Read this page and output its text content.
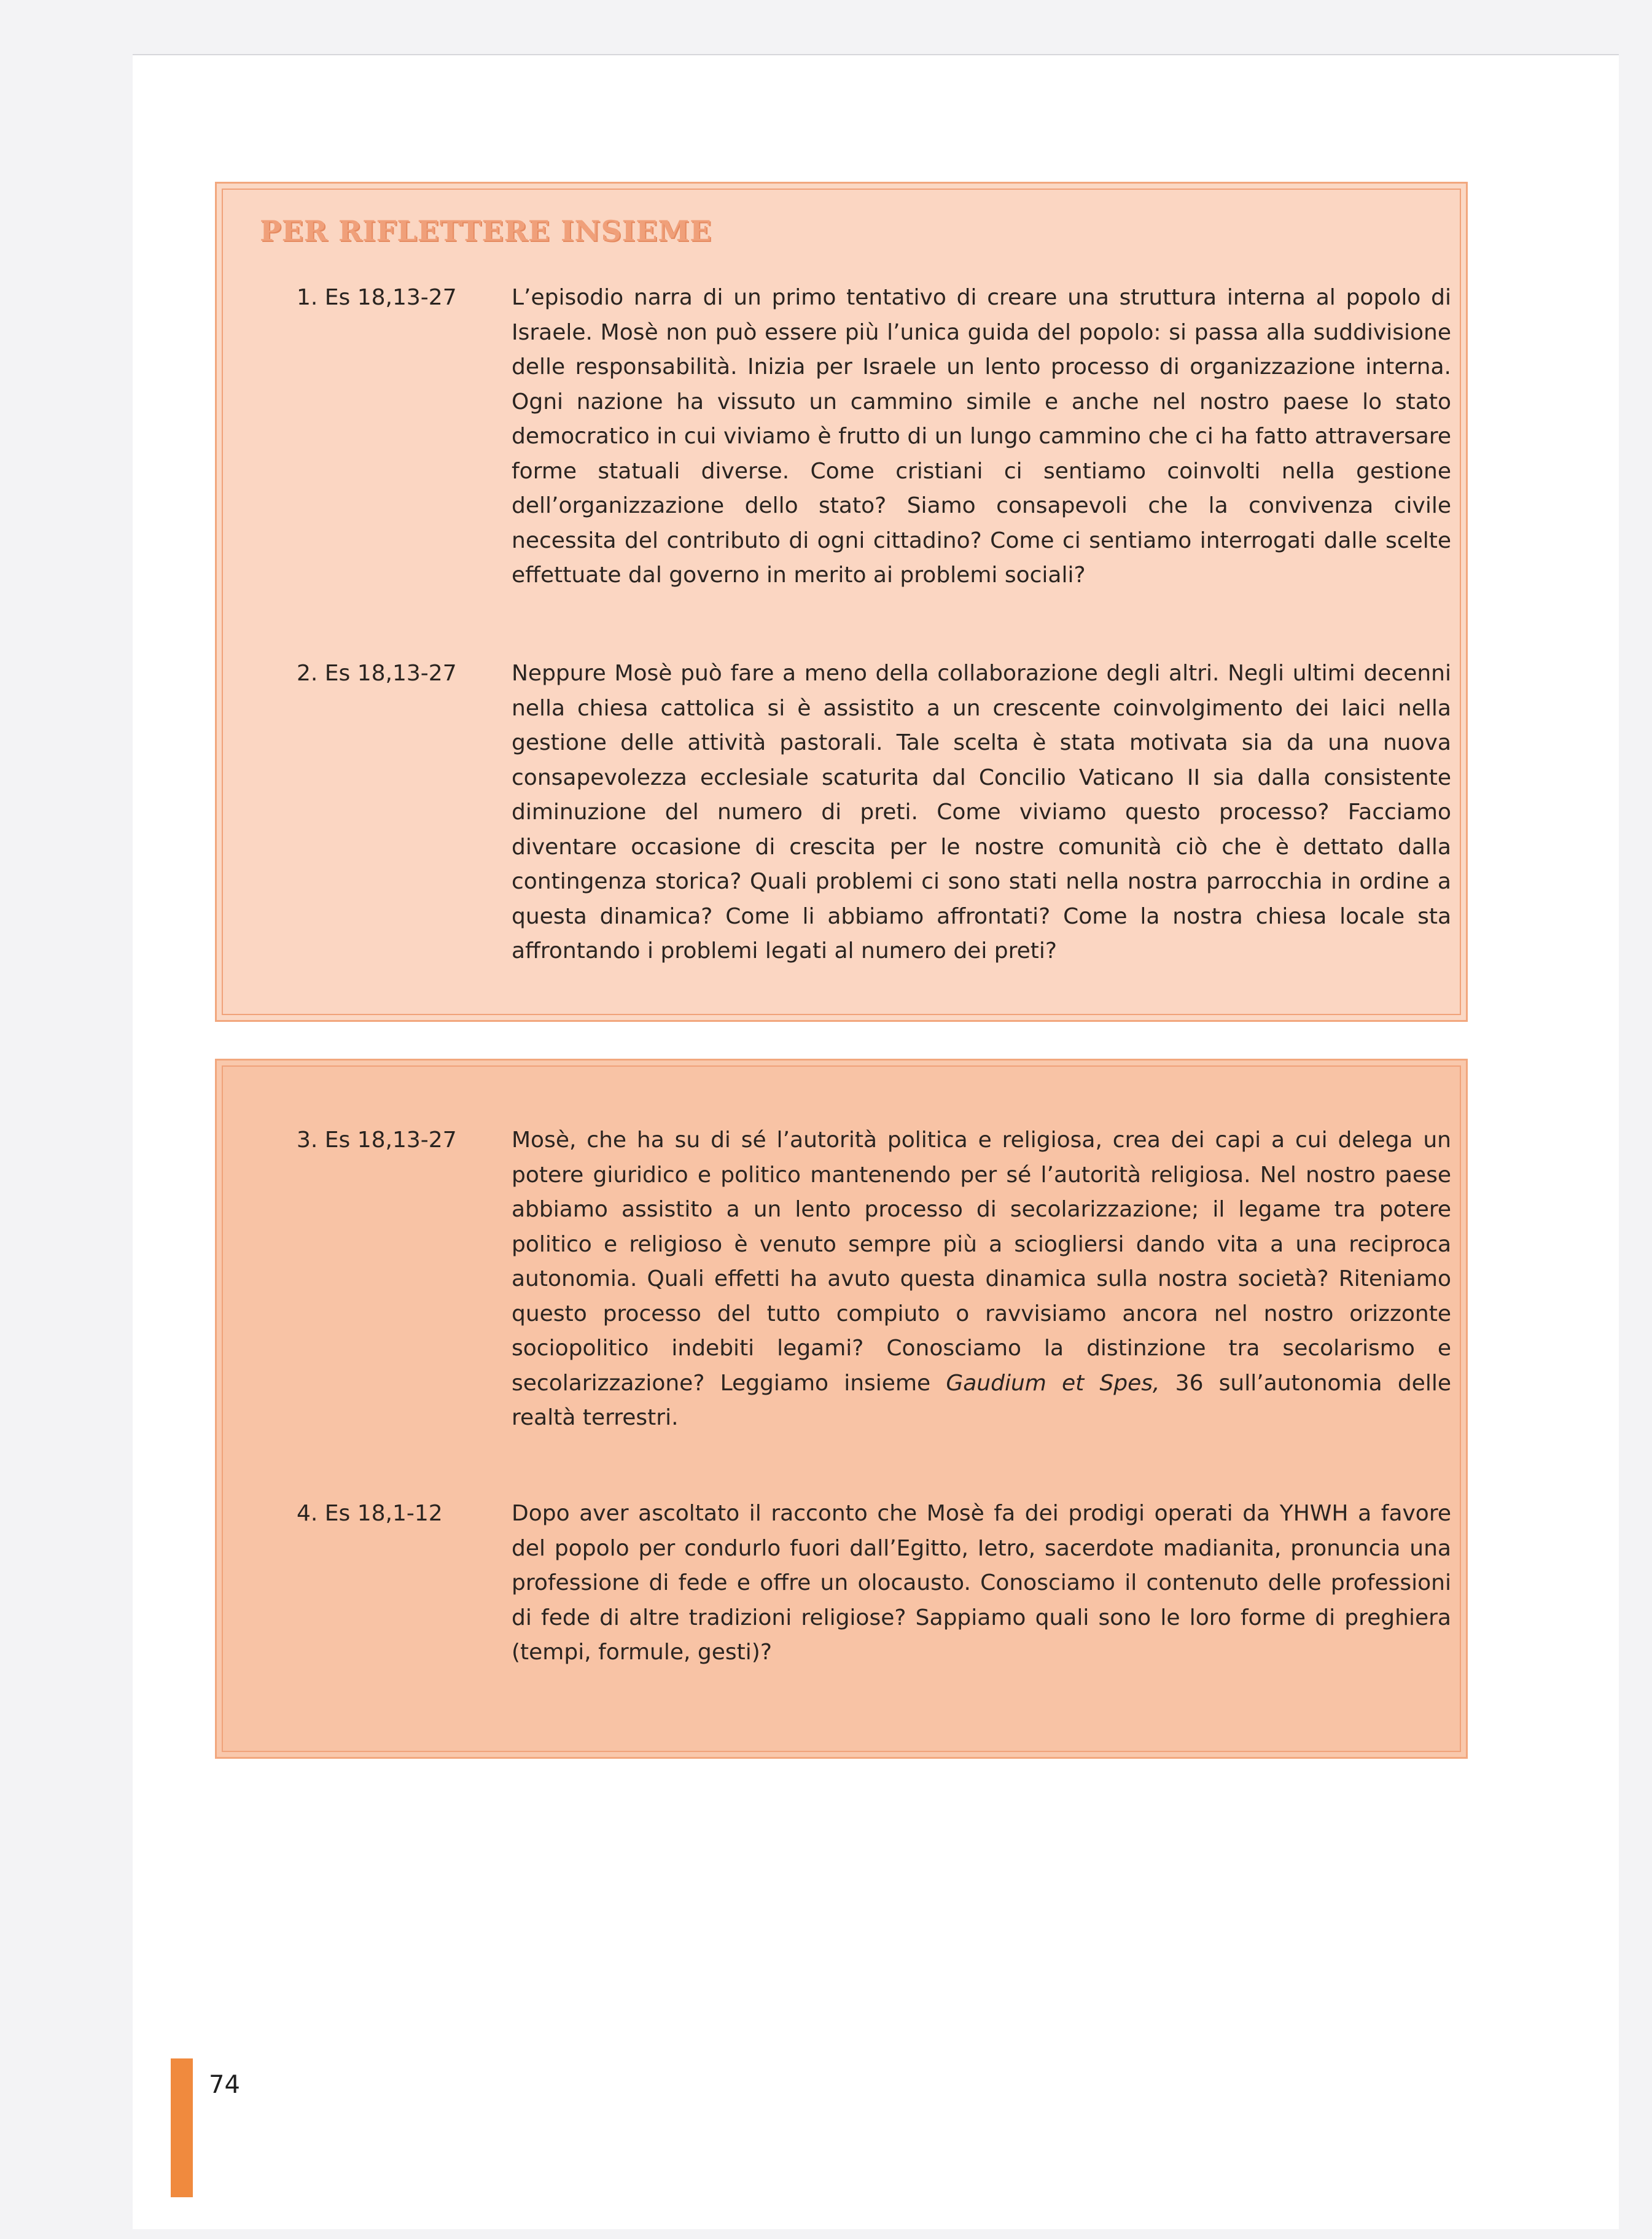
PER RIFLETTERE INSIEME
1. Es 18,13-27	L’episodio narra di un primo tentativo di creare una struttura interna al popolo di Israele. Mosè non può essere più l’unica guida del popolo: si passa alla suddivisione delle responsabilità. Inizia per Israele un lento processo di organizzazione interna. Ogni nazione ha vissuto un cammino simile e anche nel nostro paese lo stato democratico in cui viviamo è frutto di un lungo cammino che ci ha fatto attraversare forme statuali diverse. Come cristiani ci sentiamo coinvolti nella gestione dell’organizzazione dello stato? Siamo consapevoli che la convivenza civile necessita del contributo di ogni cittadino? Come ci sentiamo interrogati dalle scelte effettuate dal governo in merito ai problemi sociali?
2. Es 18,13-27	Neppure Mosè può fare a meno della collaborazione degli altri. Negli ultimi decenni nella chiesa cattolica si è assistito a un crescente coinvolgimento dei laici nella gestione delle attività pastorali. Tale scelta è stata motivata sia da una nuova consapevolezza ecclesiale scaturita dal Concilio Vaticano II sia dalla consistente diminuzione del numero di preti. Come viviamo questo processo? Facciamo diventare occasione di crescita per le nostre comunità ciò che è dettato dalla contingenza storica? Quali problemi ci sono stati nella nostra parrocchia in ordine a questa dinamica? Come li abbiamo affrontati? Come la nostra chiesa locale sta affrontando i problemi legati al numero dei preti?
3. Es 18,13-27	Mosè, che ha su di sé l’autorità politica e religiosa, crea dei capi a cui delega un potere giuridico e politico mantenendo per sé l’autorità religiosa. Nel nostro paese abbiamo assistito a un lento processo di secolarizzazione; il legame tra potere politico e religioso è venuto sempre più a sciogliersi dando vita a una reciproca autonomia. Quali effetti ha avuto questa dinamica sulla nostra società? Riteniamo questo processo del tutto compiuto o ravvisiamo ancora nel nostro orizzonte sociopolitico indebiti legami? Conosciamo la distinzione tra secolarismo e secolarizzazione? Leggiamo insieme Gaudium et Spes, 36 sull’autonomia delle realtà terrestri.
4. Es 18,1-12	Dopo aver ascoltato il racconto che Mosè fa dei prodigi operati da YHWH a favore del popolo per condurlo fuori dall’Egitto, Ietro, sacerdote madianita, pronuncia una professione di fede e offre un olocausto. Conosciamo il contenuto delle professioni di fede di altre tradizioni religiose? Sappiamo quali sono le loro forme di preghiera (tempi, formule, gesti)?
74
